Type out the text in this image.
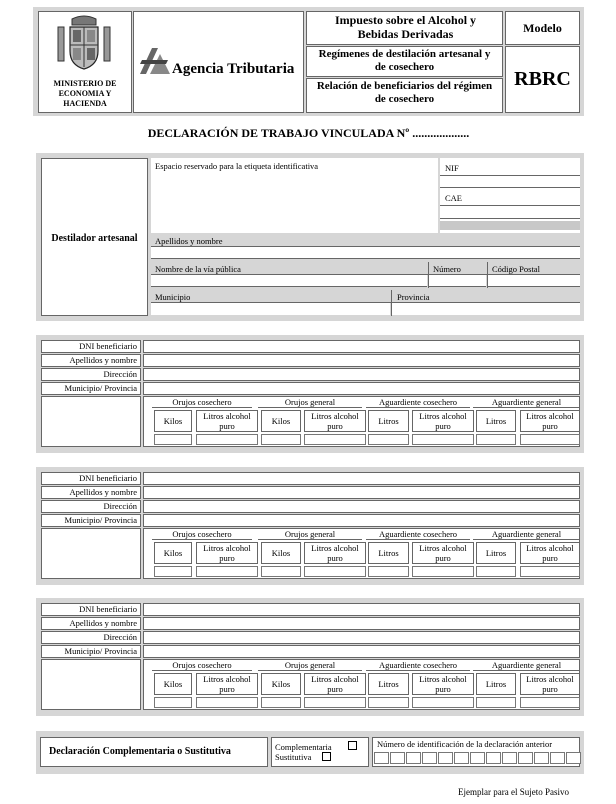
MINISTERIO DE ECONOMIA Y HACIENDA
Agencia Tributaria
Impuesto sobre el Alcohol y Bebidas Derivadas
Regímenes de destilación artesanal y de cosechero
Relación de beneficiarios del régimen de cosechero
Modelo
RBRC
DECLARACIÓN DE TRABAJO VINCULADA Nº ...................
Destilador artesanal
Espacio reservado para la etiqueta identificativa	NIF
CAE
Apellidos y nombre
Nombre de la vía pública	Número	Código Postal
Municipio	Provincia
DNI beneficiario
Apellidos y nombre
Dirección
Municipio/ Provincia
Orujos cosechero
Kilos	Litros alcohol puro
Orujos general
Kilos	Litros alcohol puro
Aguardiente cosechero
Litros	Litros alcohol puro
Aguardiente general
Litros	Litros alcohol puro
DNI beneficiario
Apellidos y nombre
Dirección
Municipio/ Provincia
Orujos cosechero
Kilos	Litros alcohol puro
Orujos general
Kilos	Litros alcohol puro
Aguardiente cosechero
Litros	Litros alcohol puro
Aguardiente general
Litros	Litros alcohol puro
DNI beneficiario
Apellidos y nombre
Dirección
Municipio/ Provincia
Orujos cosechero
Kilos	Litros alcohol puro
Orujos general
Kilos	Litros alcohol puro
Aguardiente cosechero
Litros	Litros alcohol puro
Aguardiente general
Litros	Litros alcohol puro
Declaración Complementaria o Sustitutiva	Complementaria
Sustitutiva
Número de identificación de la declaración anterior
Ejemplar para el Sujeto Pasivo
